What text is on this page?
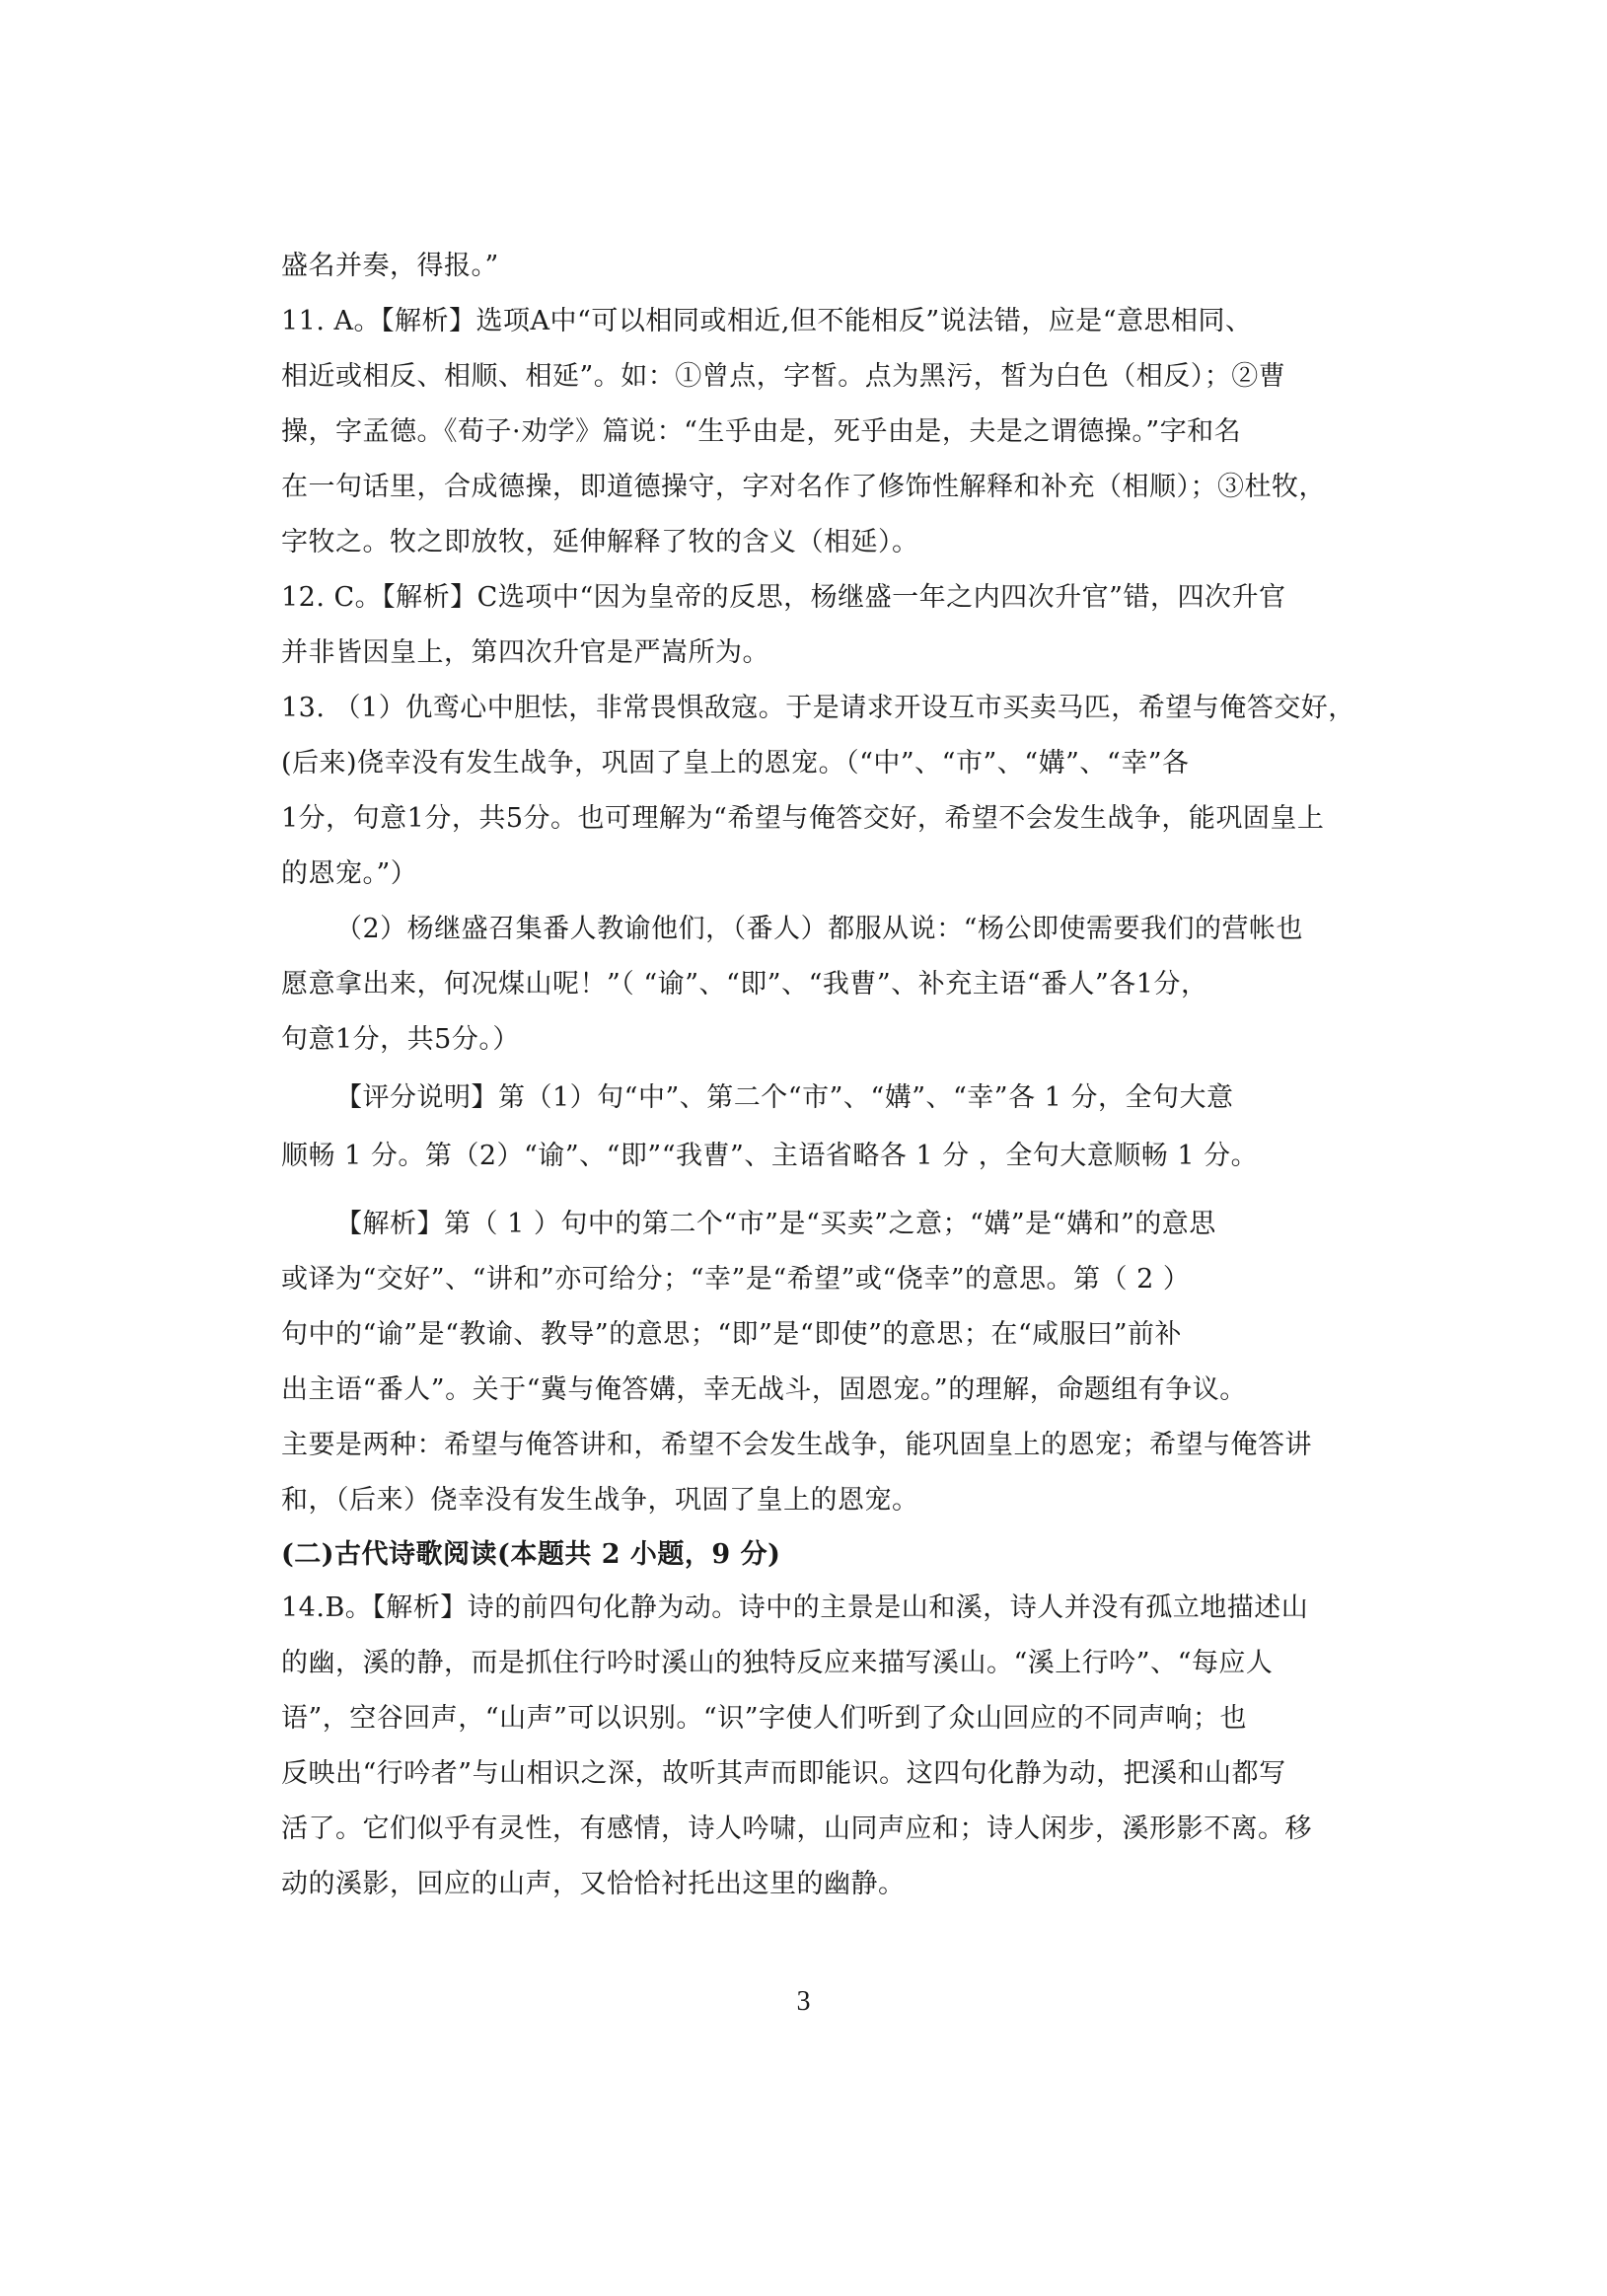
盛名并奏，得报。”
11. A。【解析】选项A中“可以相同或相近,但不能相反”说法错，应是“意思相同、
相近或相反、相顺、相延”。如：①曾点，字皙。点为黑污，皙为白色（相反）；②曹
操，字孟德。《荀子·劝学》篇说：“生乎由是，死乎由是，夫是之谓德操。”字和名
在一句话里，合成德操，即道德操守，字对名作了修饰性解释和补充（相顺）；③杜牧，
字牧之。牧之即放牧，延伸解释了牧的含义（相延）。
12. C。【解析】C选项中“因为皇帝的反思，杨继盛一年之内四次升官”错，四次升官
并非皆因皇上，第四次升官是严嵩所为。
13. （1）仇鸾心中胆怯，非常畏惧敌寇。于是请求开设互市买卖马匹，希望与俺答交好，
(后来)侥幸没有发生战争，巩固了皇上的恩宠。（“中”、“市”、“媾”、“幸”各
1分，句意1分，共5分。也可理解为“希望与俺答交好，希望不会发生战争，能巩固皇上
的恩宠。”）
（2）杨继盛召集番人教谕他们，（番人）都服从说：“杨公即使需要我们的营帐也
愿意拿出来，何况煤山呢！”（ “谕”、“即”、“我曹”、补充主语“番人”各1分，
句意1分，共5分。）
【评分说明】第（1）句“中”、第二个“市”、“媾”、“幸”各 1 分，全句大意
顺畅 1 分。第（2）“谕”、“即”“我曹”、主语省略各 1 分 ，全句大意顺畅 1 分。
【解析】第（ 1 ）句中的第二个“市”是“买卖”之意；“媾”是“媾和”的意思
或译为“交好”、“讲和”亦可给分；“幸”是“希望”或“侥幸”的意思。第（ 2 ）
句中的“谕”是“教谕、教导”的意思；“即”是“即使”的意思；在“咸服曰”前补
出主语“番人”。关于“冀与俺答媾，幸无战斗，固恩宠。”的理解，命题组有争议。
主要是两种：希望与俺答讲和，希望不会发生战争，能巩固皇上的恩宠；希望与俺答讲
和，（后来）侥幸没有发生战争，巩固了皇上的恩宠。
(二)古代诗歌阅读(本题共 2 小题，9 分)
14.B。【解析】诗的前四句化静为动。诗中的主景是山和溪，诗人并没有孤立地描述山
的幽，溪的静，而是抓住行吟时溪山的独特反应来描写溪山。“溪上行吟”、“每应人
语”，空谷回声，“山声”可以识别。“识”字使人们听到了众山回应的不同声响；也
反映出“行吟者”与山相识之深，故听其声而即能识。这四句化静为动，把溪和山都写
活了。它们似乎有灵性，有感情，诗人吟啸，山同声应和；诗人闲步，溪形影不离。移
动的溪影，回应的山声，又恰恰衬托出这里的幽静。
3
